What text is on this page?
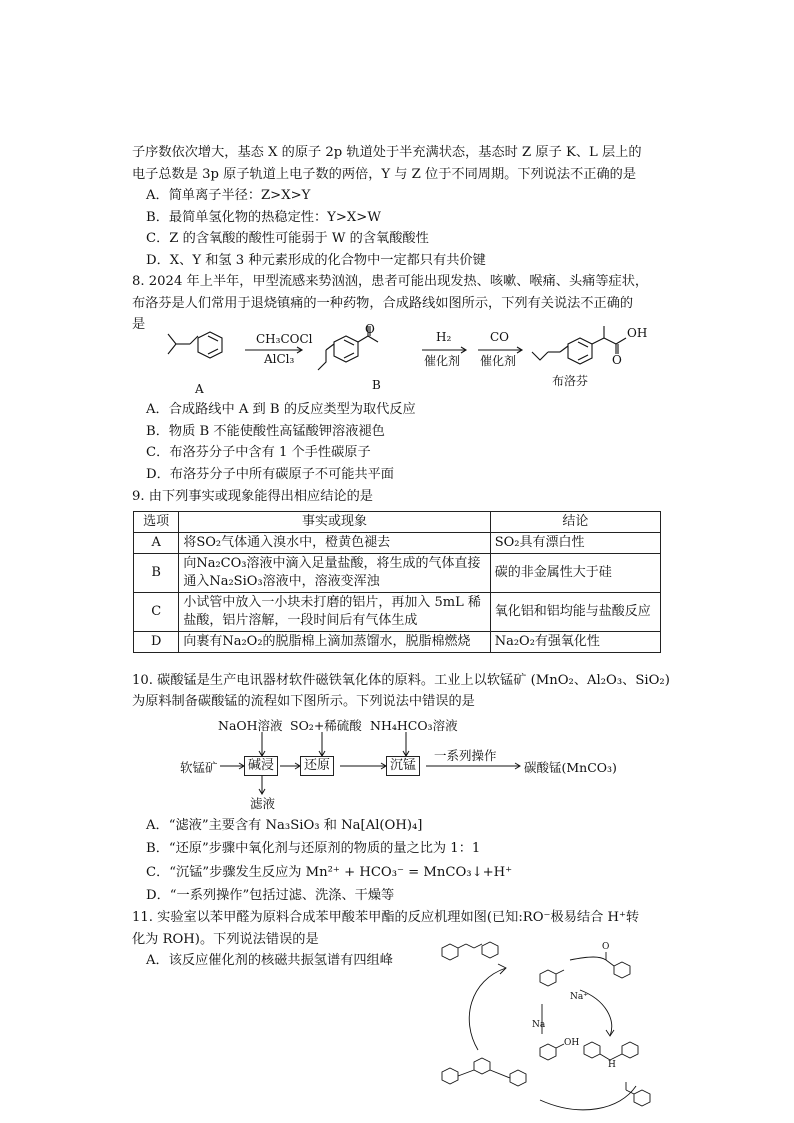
子序数依次增大，基态 X 的原子 2p 轨道处于半充满状态，基态时 Z 原子 K、L 层上的
电子总数是 3p 原子轨道上电子数的两倍，Y 与 Z 位于不同周期。下列说法不正确的是
A．简单离子半径：Z>X>Y
B．最简单氢化物的热稳定性：Y>X>W
C．Z 的含氧酸的酸性可能弱于 W 的含氧酸酸性
D．X、Y 和氢 3 种元素形成的化合物中一定都只有共价键
8. 2024 年上半年，甲型流感来势汹汹，患者可能出现发热、咳嗽、喉痛、头痛等症状，
布洛芬是人们常用于退烧镇痛的一种药物，合成路线如图所示，下列有关说法不正确的
是
CH₃COCl
AlCl₃
O
H₂
催化剂
CO
催化剂
OH
O
A	B	布洛芬
A．合成路线中 A 到 B 的反应类型为取代反应
B．物质 B 不能使酸性高锰酸钾溶液褪色
C．布洛芬分子中含有 1 个手性碳原子
D．布洛芬分子中所有碳原子不可能共平面
9. 由下列事实或现象能得出相应结论的是
选项	事实或现象	结论
A	将SO₂气体通入溴水中，橙黄色褪去	SO₂具有漂白性
B	向Na₂CO₃溶液中滴入足量盐酸，将生成的气体直接通入Na₂SiO₃溶液中，溶液变浑浊	碳的非金属性大于硅
C	小试管中放入一小块未打磨的铝片，再加入 5mL 稀盐酸，铝片溶解，一段时间后有气体生成	氧化铝和铝均能与盐酸反应
D	向裹有Na₂O₂的脱脂棉上滴加蒸馏水，脱脂棉燃烧	Na₂O₂有强氧化性
10. 碳酸锰是生产电讯器材软件磁铁氧化体的原料。工业上以软锰矿 (MnO₂、Al₂O₃、SiO₂)
为原料制备碳酸锰的流程如下图所示。下列说法中错误的是
NaOH溶液 SO₂+稀硫酸 NH₄HCO₃溶液
软锰矿	碱浸	还原	沉锰
一系列操作
碳酸锰(MnCO₃)
滤液
A．“滤液”主要含有 Na₃SiO₃ 和 Na[Al(OH)₄]
B．“还原”步骤中氧化剂与还原剂的物质的量之比为 1：1
C．“沉锰”步骤发生反应为 Mn²⁺ + HCO₃⁻ = MnCO₃↓+H⁺
D．“一系列操作”包括过滤、洗涤、干燥等
11. 实验室以苯甲醛为原料合成苯甲酸苯甲酯的反应机理如图(已知:RO⁻极易结合 H⁺转
化为 ROH)。下列说法错误的是
A．该反应催化剂的核磁共振氢谱有四组峰
Na⁺
Na
OH
O
H
